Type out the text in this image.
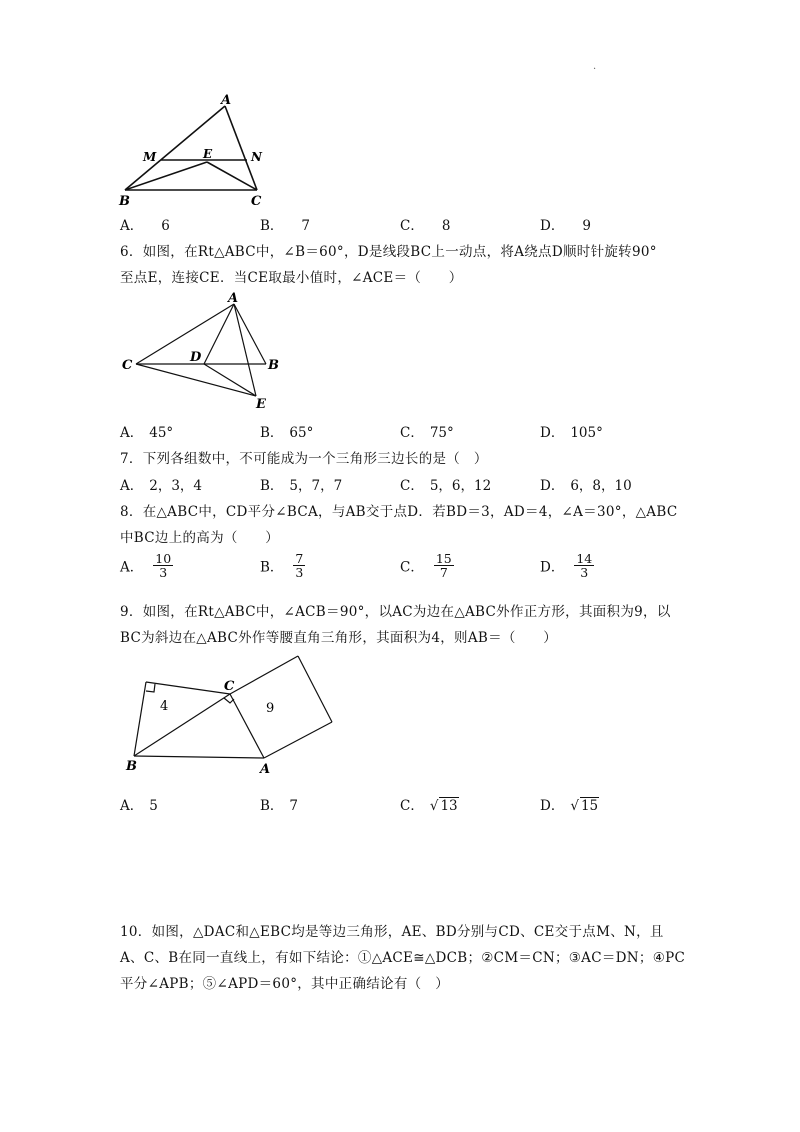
·
A
M	E	N
B	C
A． 6	B． 7	C． 8	D． 9
6．如图，在Rt△ABC中，∠B＝60°，D是线段BC上一动点，将A绕点D顺时针旋转90°
至点E，连接CE．当CE取最小值时，∠ACE＝（　　）
A
C
D
B
E
A． 45°	B． 65°	C． 75°	D． 105°
7．下列各组数中，不可能成为一个三角形三边长的是（　）
A． 2，3，4	B． 5，7，7	C． 5，6，12	D． 6，8，10
8．在△ABC中，CD平分∠BCA，与AB交于点D．若BD＝3，AD＝4，∠A＝30°，△ABC
中BC边上的高为（　　）
A． $\frac{10}{3}$	B． $\frac{7}{3}$	C． $\frac{15}{7}$	D． $\frac{14}{3}$
9．如图，在Rt△ABC中，∠ACB＝90°，以AC为边在△ABC外作正方形，其面积为9，以
BC为斜边在△ABC外作等腰直角三角形，其面积为4，则AB＝（　　）
C
B	A
4	9
A． 5	B． 7	C． √ 13	D． √ 15
10．如图，△DAC和△EBC均是等边三角形，AE、BD分别与CD、CE交于点M、N，且
A、C、B在同一直线上，有如下结论：①△ACE≅△DCB；②CM＝CN；③AC＝DN；④PC
平分∠APB；⑤∠APD＝60°，其中正确结论有（　）
